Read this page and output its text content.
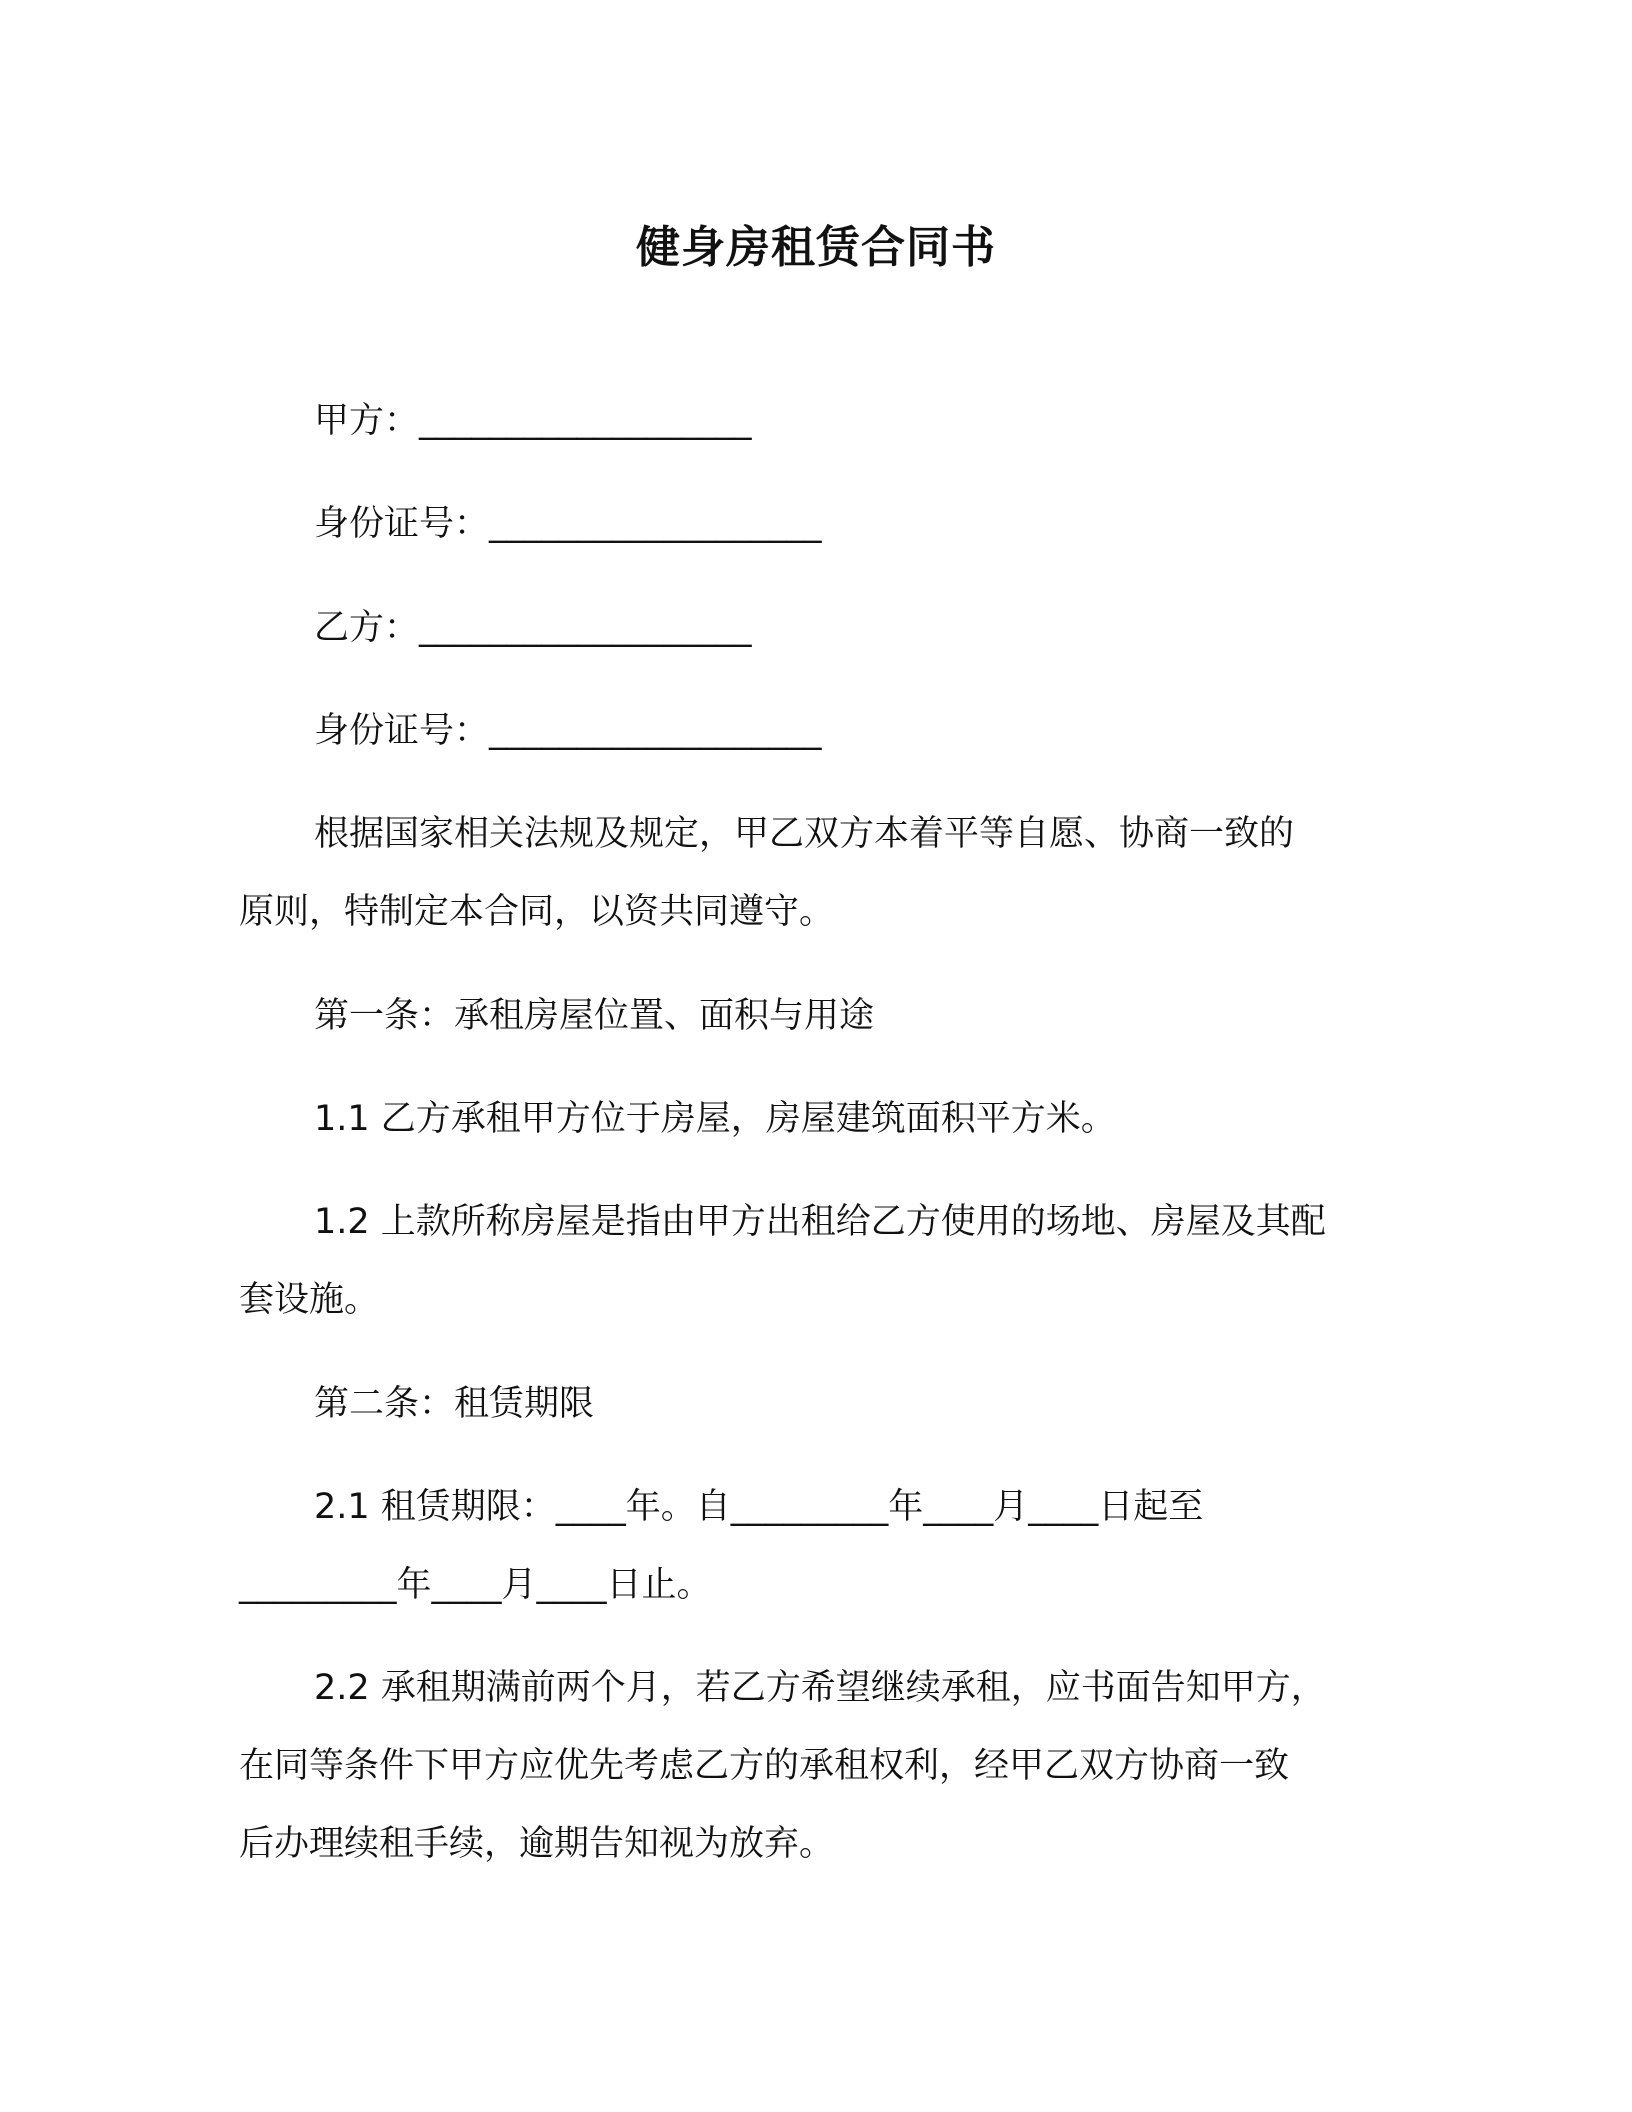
健身房租赁合同书
甲方：___________________
身份证号：___________________
乙方：___________________
身份证号：___________________
根据国家相关法规及规定，甲乙双方本着平等自愿、协商一致的
原则，特制定本合同，以资共同遵守。
第一条：承租房屋位置、面积与用途
1.1 乙方承租甲方位于房屋，房屋建筑面积平方米。
1.2 上款所称房屋是指由甲方出租给乙方使用的场地、房屋及其配
套设施。
第二条：租赁期限
2.1 租赁期限：____年。自_________年____月____日起至
_________年____月____日止。
2.2 承租期满前两个月，若乙方希望继续承租，应书面告知甲方，
在同等条件下甲方应优先考虑乙方的承租权利，经甲乙双方协商一致
后办理续租手续，逾期告知视为放弃。
